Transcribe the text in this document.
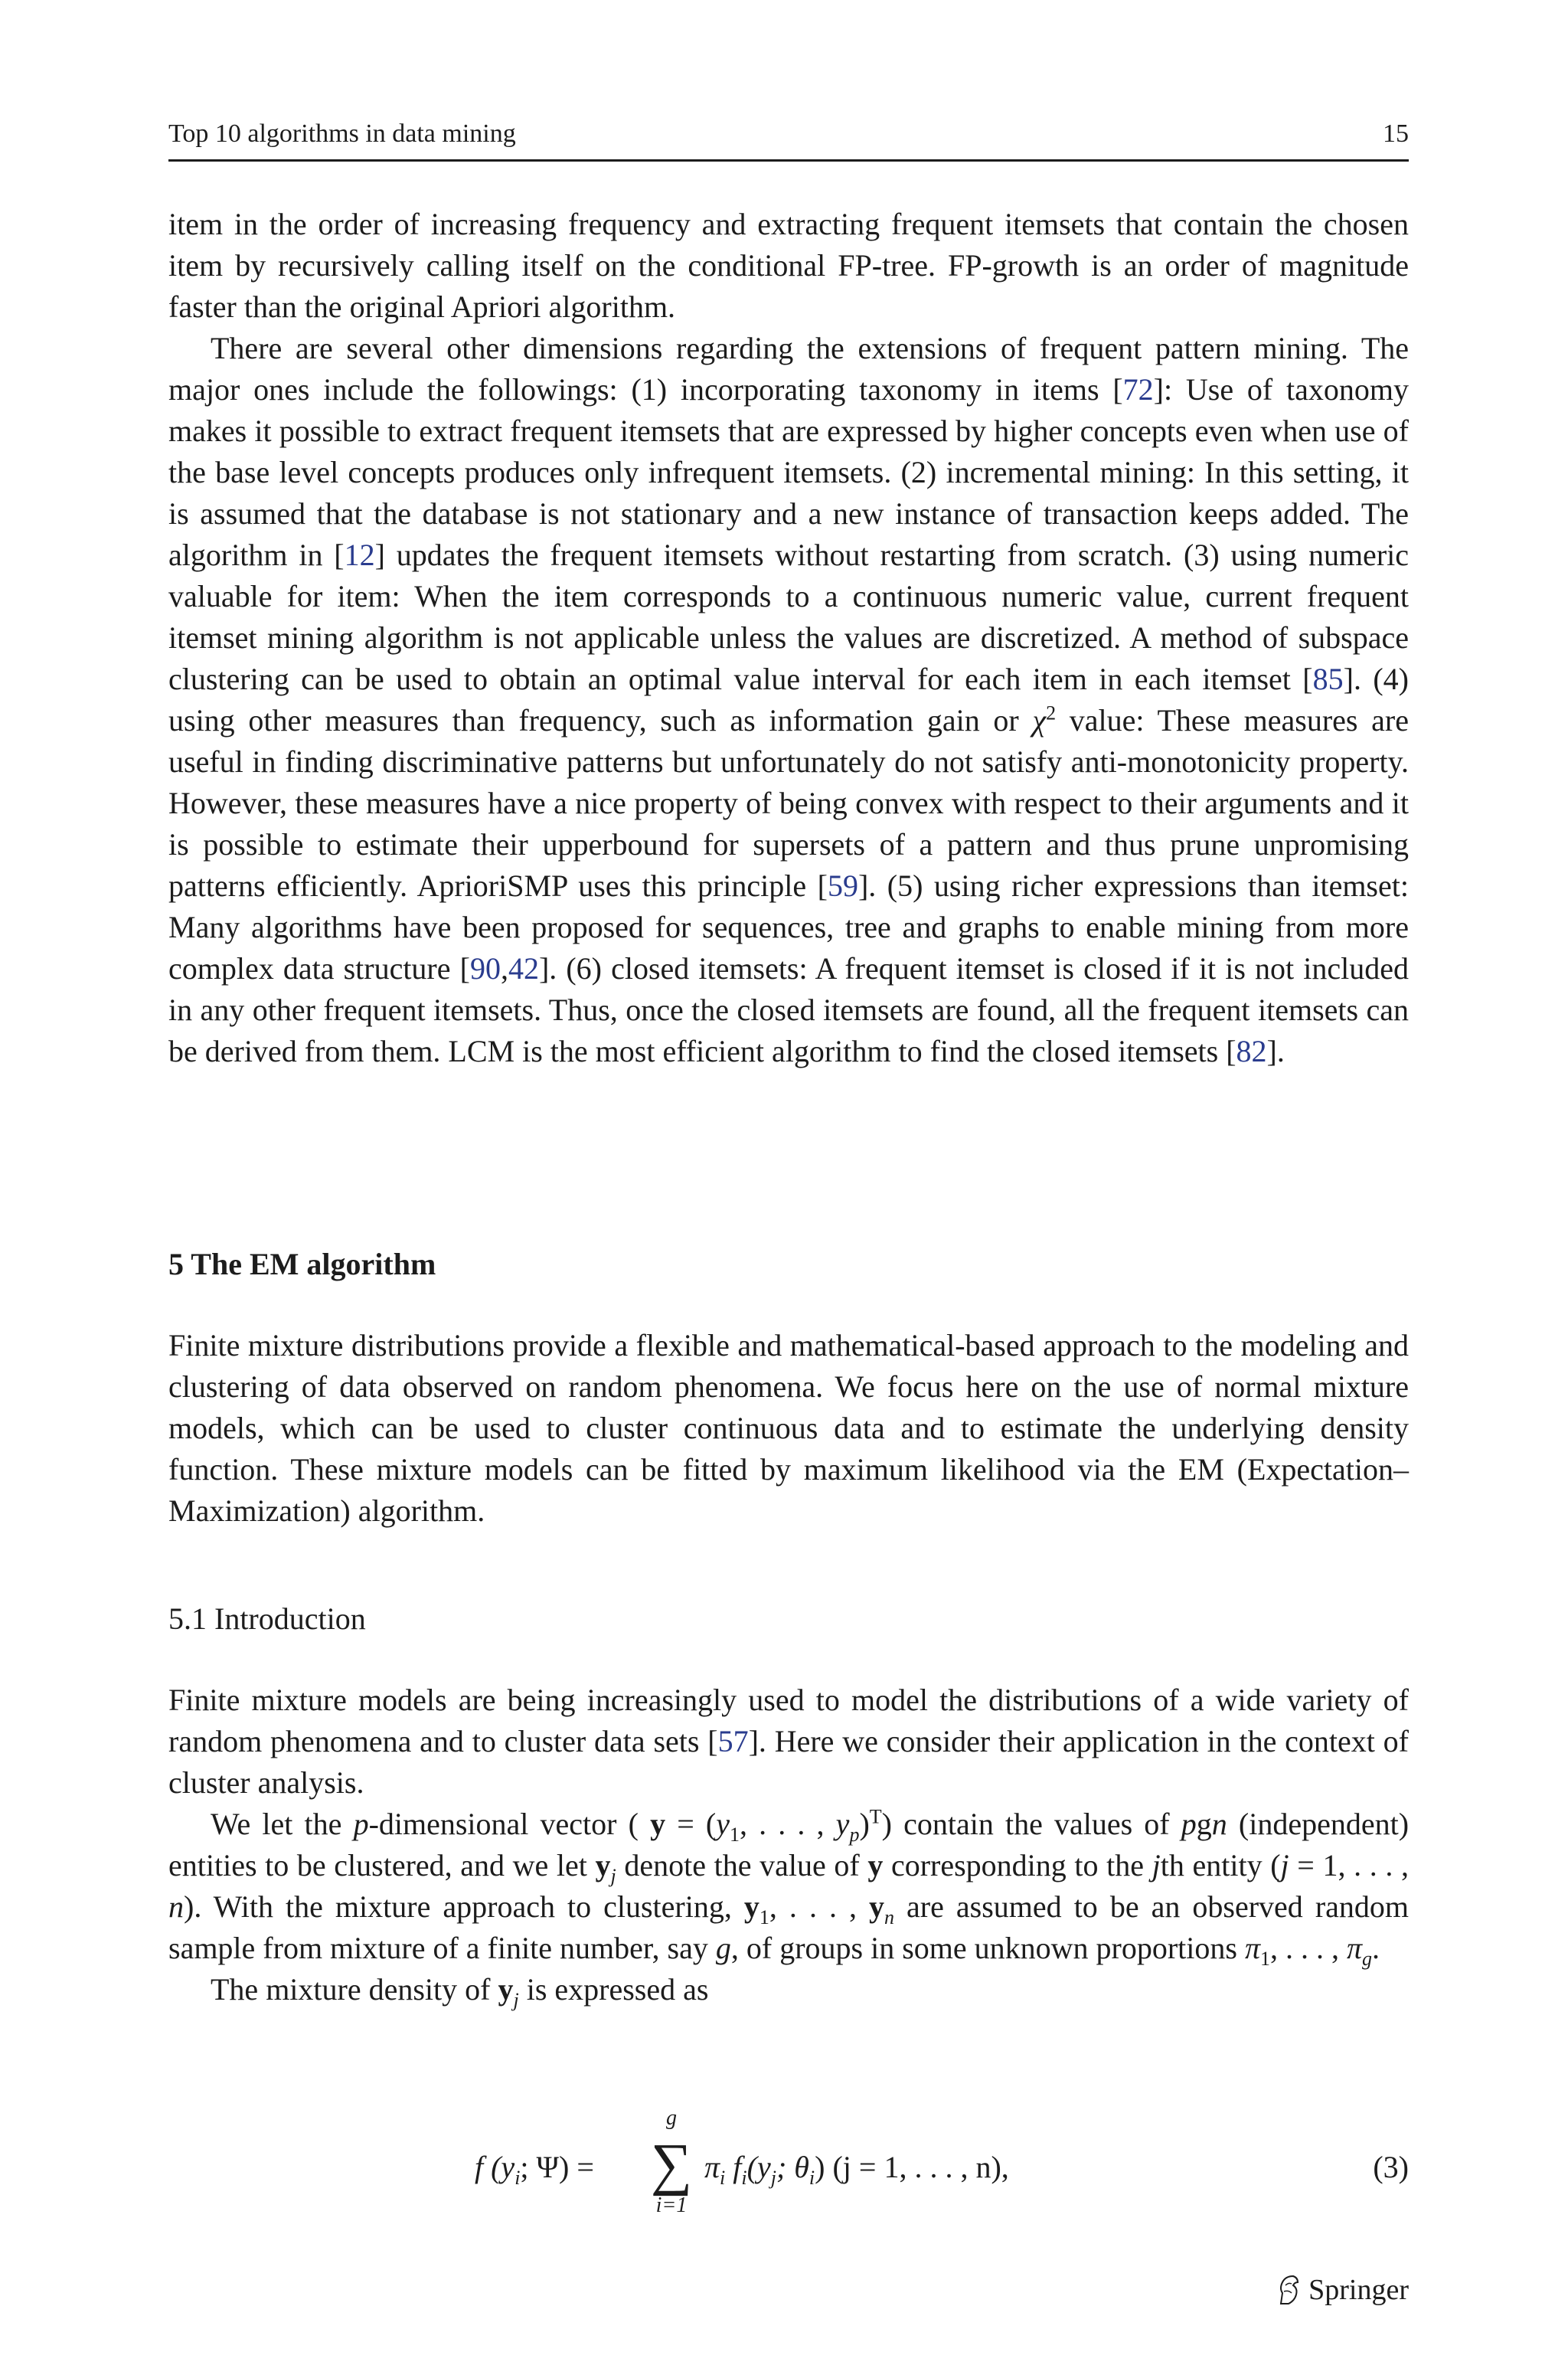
Top 10 algorithms in data mining	15

item in the order of increasing frequency and extracting frequent itemsets that contain the chosen item by recursively calling itself on the conditional FP-tree. FP-growth is an order of magnitude faster than the original Apriori algorithm.

There are several other dimensions regarding the extensions of frequent pattern mining. The major ones include the followings: (1) incorporating taxonomy in items [72]: Use of taxonomy makes it possible to extract frequent itemsets that are expressed by higher concepts even when use of the base level concepts produces only infrequent itemsets. (2) incremental mining: In this setting, it is assumed that the database is not stationary and a new instance of transaction keeps added. The algorithm in [12] updates the frequent itemsets without restarting from scratch. (3) using numeric valuable for item: When the item corresponds to a continuous numeric value, current frequent itemset mining algorithm is not applicable unless the values are discretized. A method of subspace clustering can be used to obtain an optimal value interval for each item in each itemset [85]. (4) using other measures than frequency, such as information gain or $\chi^2$ value: These measures are useful in finding discriminative patterns but unfortunately do not satisfy anti-monotonicity property. However, these measures have a nice property of being convex with respect to their arguments and it is possible to estimate their upperbound for supersets of a pattern and thus prune unpromising patterns efficiently. AprioriSMP uses this principle [59]. (5) using richer expressions than itemset: Many algorithms have been proposed for sequences, tree and graphs to enable mining from more complex data structure [90,42]. (6) closed itemsets: A frequent itemset is closed if it is not included in any other frequent itemsets. Thus, once the closed itemsets are found, all the frequent itemsets can be derived from them. LCM is the most efficient algorithm to find the closed itemsets [82].

5 The EM algorithm

Finite mixture distributions provide a flexible and mathematical-based approach to the modeling and clustering of data observed on random phenomena. We focus here on the use of normal mixture models, which can be used to cluster continuous data and to estimate the underlying density function. These mixture models can be fitted by maximum likelihood via the EM (Expectation–Maximization) algorithm.

5.1 Introduction

Finite mixture models are being increasingly used to model the distributions of a wide variety of random phenomena and to cluster data sets [57]. Here we consider their application in the context of cluster analysis.

We let the p-dimensional vector ( $y = (y_1$, . . . , $y_p)^T$) contain the values of pgn (independent) entities to be clustered, and we let $y_j$ denote the value of y corresponding to the jth entity (j = 1, . . . , n). With the mixture approach to clustering, $y_1$, . . . , $y_n$ are assumed to be an observed random sample from mixture of a finite number, say g, of groups in some unknown proportions $\pi_1$, . . . , $\pi_g$.

The mixture density of $y_j$ is expressed as

f ($y_i$; Ψ) =
g
∑
i=1
$\pi_i$ $f_i(y_j$; $\theta_i$) (j = 1, . . . , n),	(3)
Springer
